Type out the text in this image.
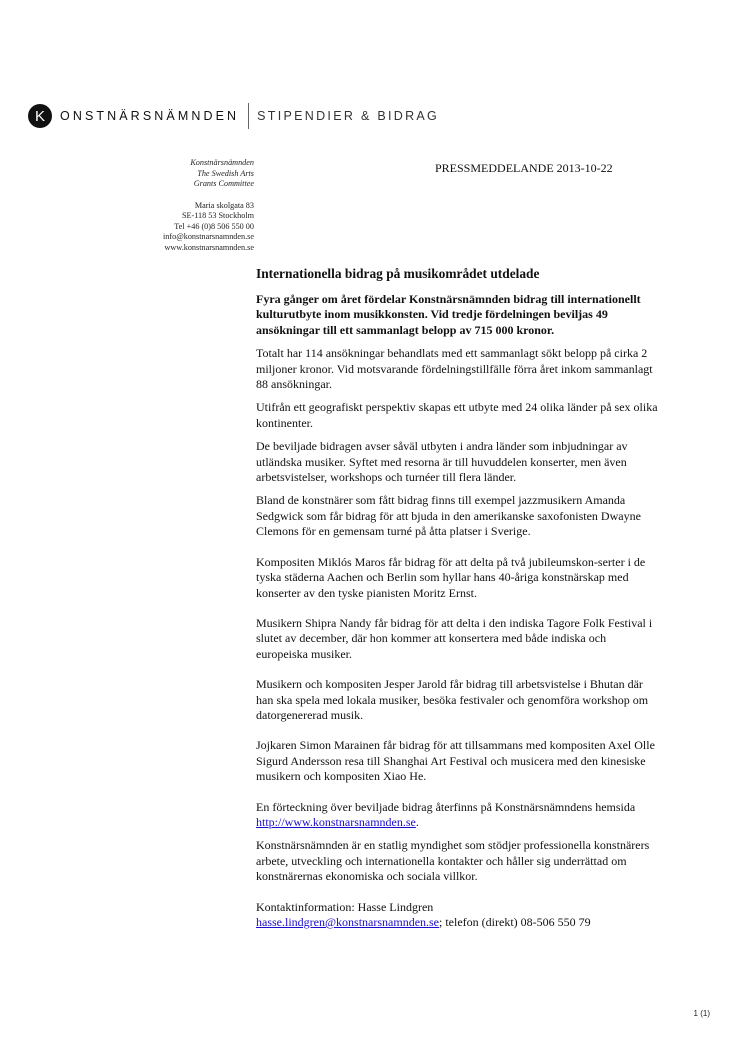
K	ONSTNÄRSNÄMNDEN STIPENDIER & BIDRAG
Konstnärsnämnden
The Swedish Arts
Grants Committee
Maria skolgata 83
SE-118 53 Stockholm
Tel +46 (0)8 506 550 00
info@konstnarsnamnden.se
www.konstnarsnamnden.se
PRESSMEDDELANDE 2013-10-22
Internationella bidrag på musikområdet utdelade

Fyra gånger om året fördelar Konstnärsnämnden bidrag till internationellt kulturutbyte inom musikkonsten. Vid tredje fördelningen beviljas 49 ansökningar till ett sammanlagt belopp av 715 000 kronor.

Totalt har 114 ansökningar behandlats med ett sammanlagt sökt belopp på cirka 2 miljoner kronor. Vid motsvarande fördelningstillfälle förra året inkom sammanlagt 88 ansökningar.

Utifrån ett geografiskt perspektiv skapas ett utbyte med 24 olika länder på sex olika kontinenter.

De beviljade bidragen avser såväl utbyten i andra länder som inbjudningar av utländska musiker. Syftet med resorna är till huvuddelen konserter, men även arbetsvistelser, workshops och turnéer till flera länder.

Bland de konstnärer som fått bidrag finns till exempel jazzmusikern Amanda Sedgwick som får bidrag för att bjuda in den amerikanske saxofonisten Dwayne Clemons för en gemensam turné på åtta platser i Sverige.

Kompositen Miklós Maros får bidrag för att delta på två jubileumskon-serter i de tyska städerna Aachen och Berlin som hyllar hans 40-åriga konstnärskap med konserter av den tyske pianisten Moritz Ernst.

Musikern Shipra Nandy får bidrag för att delta i den indiska Tagore Folk Festival i slutet av december, där hon kommer att konsertera med både indiska och europeiska musiker.

Musikern och kompositen Jesper Jarold får bidrag till arbetsvistelse i Bhutan där han ska spela med lokala musiker, besöka festivaler och genomföra workshop om datorgenererad musik.

Jojkaren Simon Marainen får bidrag för att tillsammans med kompositen Axel Olle Sigurd Andersson resa till Shanghai Art Festival och musicera med den kinesiske musikern och kompositen Xiao He.

En förteckning över beviljade bidrag återfinns på Konstnärsnämndens hemsida http://www.konstnarsnamnden.se.

Konstnärsnämnden är en statlig myndighet som stödjer professionella konstnärers arbete, utveckling och internationella kontakter och håller sig underrättad om konstnärernas ekonomiska och sociala villkor.

Kontaktinformation: Hasse Lindgren
hasse.lindgren@konstnarsnamnden.se; telefon (direkt) 08-506 550 79

1 (1)
